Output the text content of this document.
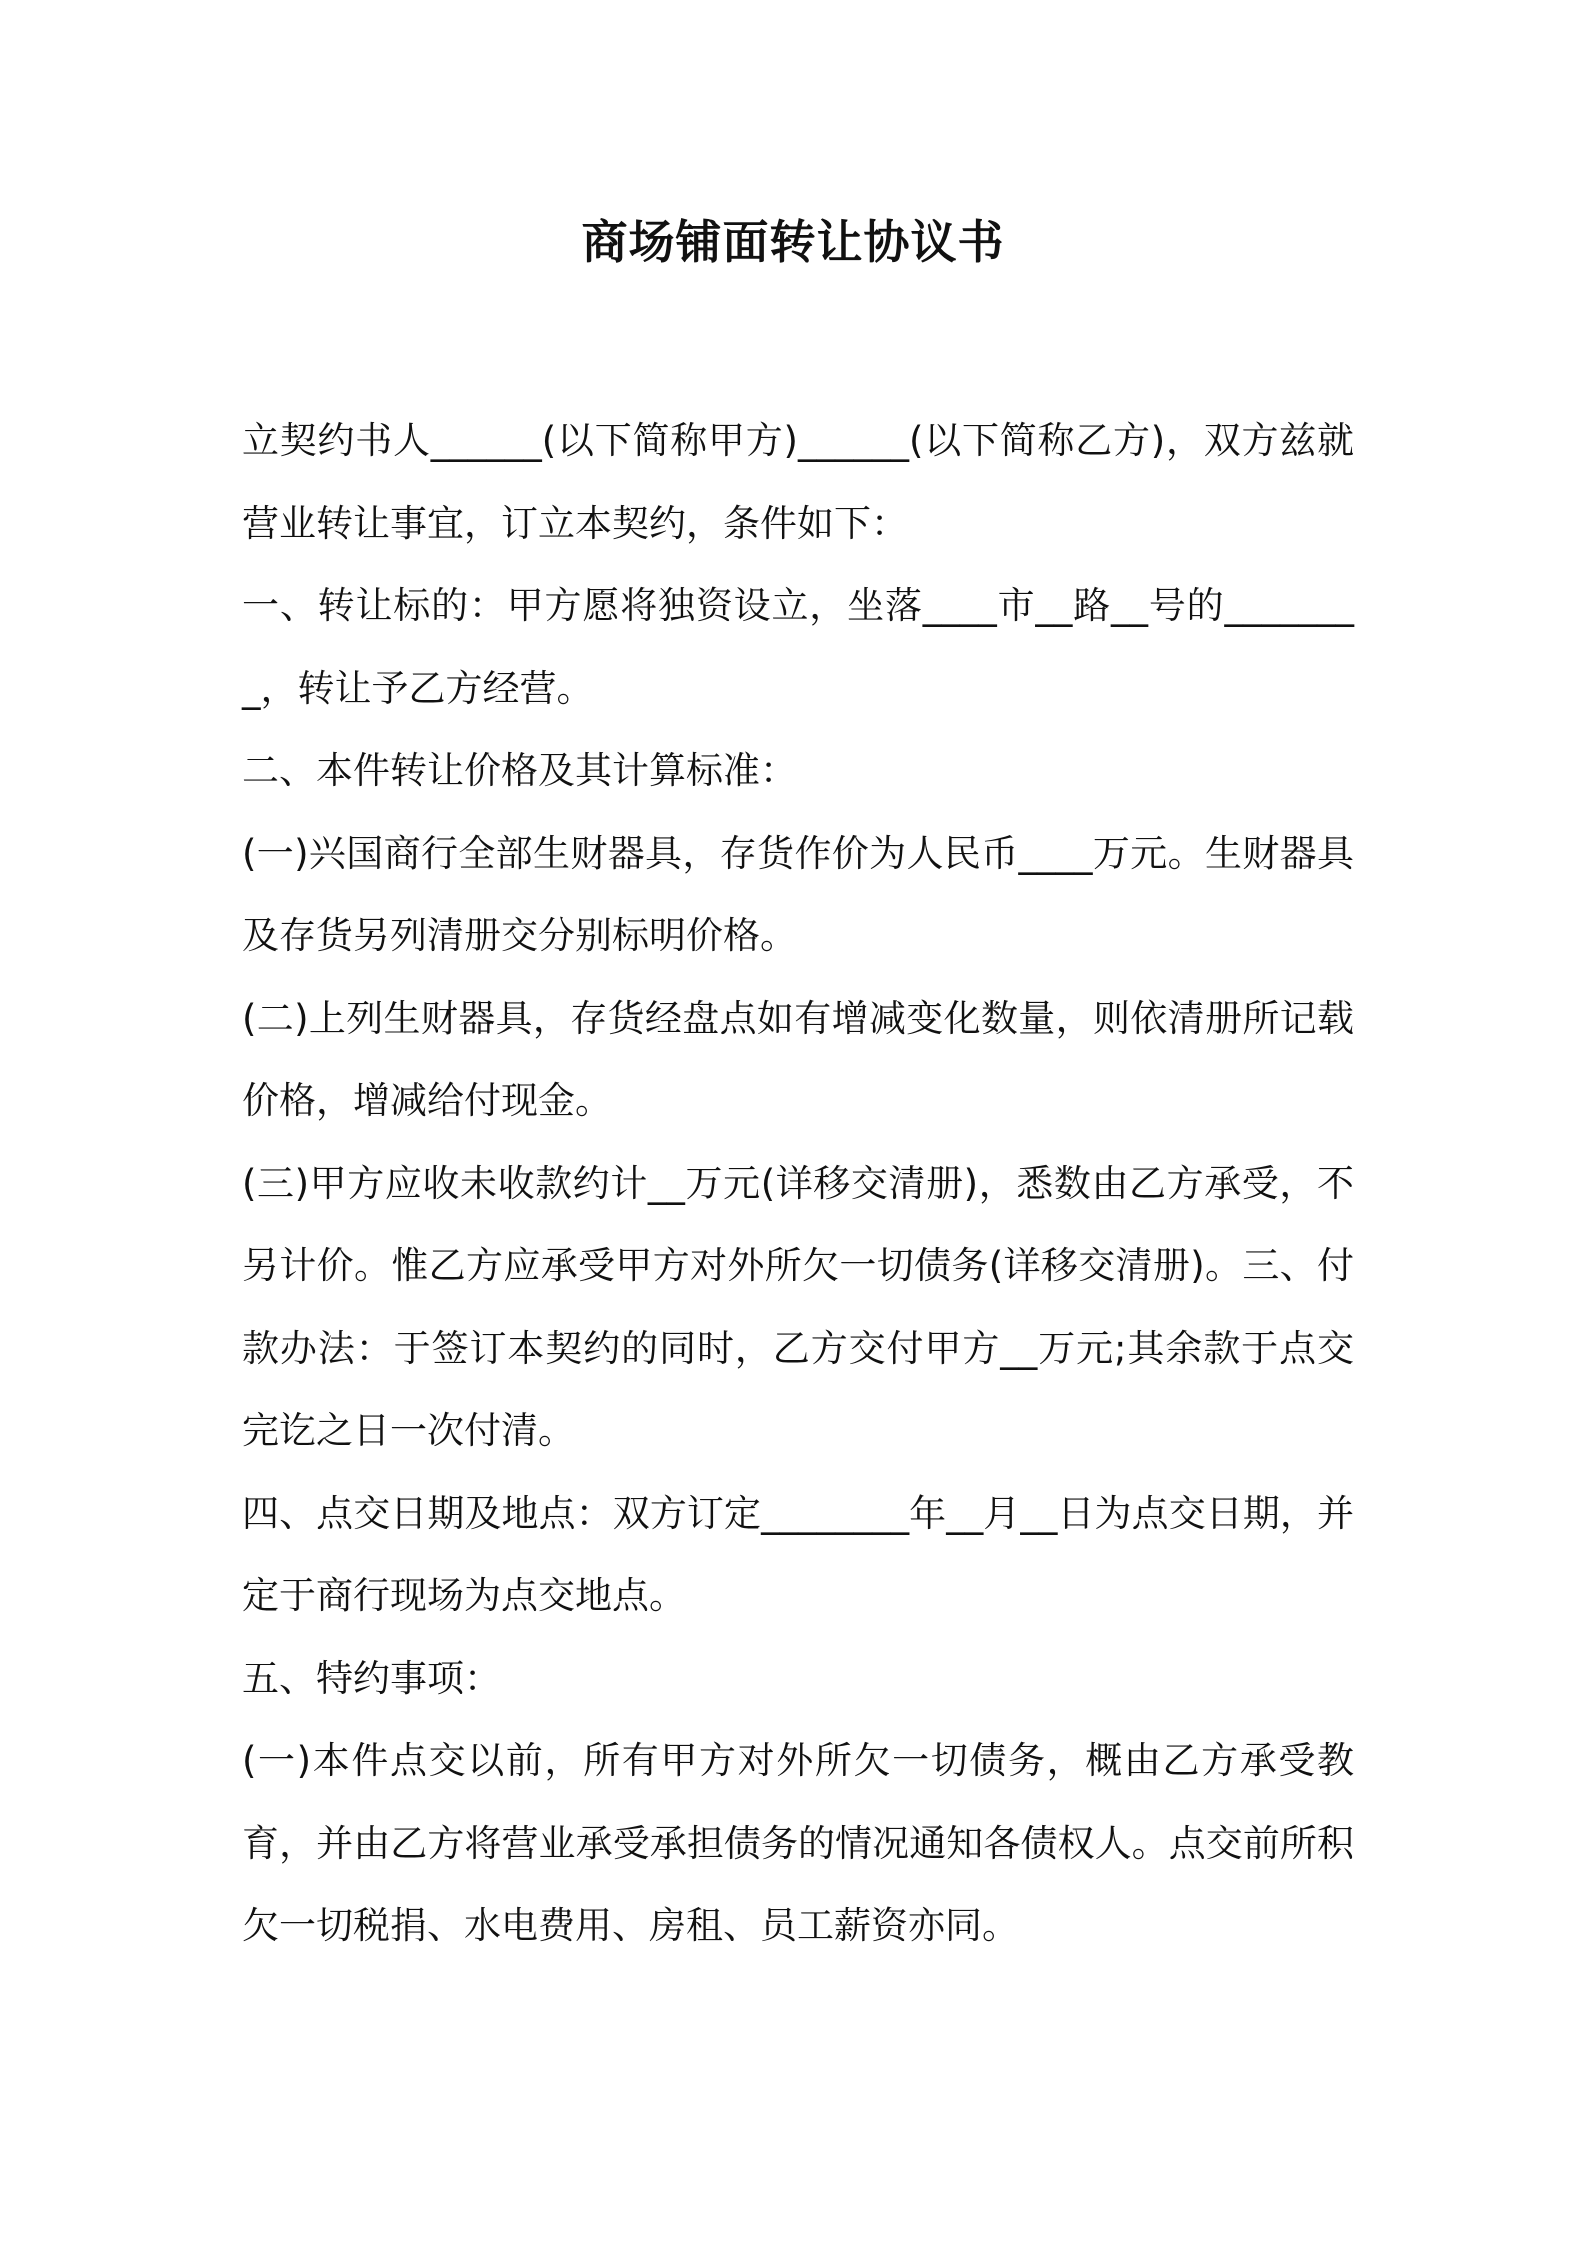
商场铺面转让协议书

立契约书人______(以下简称甲方)______(以下简称乙方)，双方兹就营业转让事宜，订立本契约，条件如下：

一、转让标的：甲方愿将独资设立，坐落____市__路__号的________，转让予乙方经营。

二、本件转让价格及其计算标准：

(一)兴国商行全部生财器具，存货作价为人民币____万元。生财器具及存货另列清册交分别标明价格。

(二)上列生财器具，存货经盘点如有增减变化数量，则依清册所记载价格，增减给付现金。

(三)甲方应收未收款约计__万元(详移交清册)，悉数由乙方承受，不另计价。惟乙方应承受甲方对外所欠一切债务(详移交清册)。三、付款办法：于签订本契约的同时，乙方交付甲方__万元;其余款于点交完讫之日一次付清。

四、点交日期及地点：双方订定________年__月__日为点交日期，并定于商行现场为点交地点。

五、特约事项：

(一)本件点交以前，所有甲方对外所欠一切债务，概由乙方承受教育，并由乙方将营业承受承担债务的情况通知各债权人。点交前所积欠一切税捐、水电费用、房租、员工薪资亦同。
